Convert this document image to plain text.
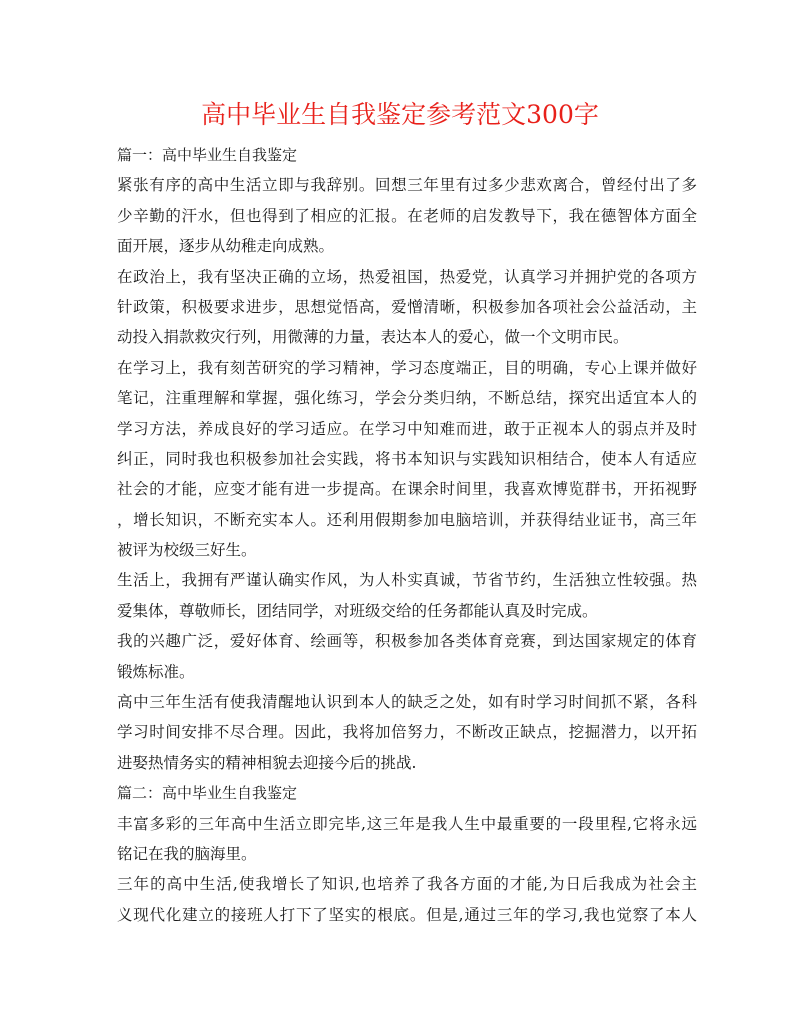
高中毕业生自我鉴定参考范文300字
篇一：高中毕业生自我鉴定
紧张有序的高中生活立即与我辞别。回想三年里有过多少悲欢离合，曾经付出了多
少辛勤的汗水，但也得到了相应的汇报。在老师的启发教导下，我在德智体方面全
面开展，逐步从幼稚走向成熟。
在政治上，我有坚决正确的立场，热爱祖国，热爱党，认真学习并拥护党的各项方
针政策，积极要求进步，思想觉悟高，爱憎清晰，积极参加各项社会公益活动，主
动投入捐款救灾行列，用微薄的力量，表达本人的爱心，做一个文明市民。
在学习上，我有刻苦研究的学习精神，学习态度端正，目的明确，专心上课并做好
笔记，注重理解和掌握，强化练习，学会分类归纳，不断总结，探究出适宜本人的
学习方法，养成良好的学习适应。在学习中知难而进，敢于正视本人的弱点并及时
纠正，同时我也积极参加社会实践，将书本知识与实践知识相结合，使本人有适应
社会的才能，应变才能有进一步提高。在课余时间里，我喜欢博览群书，开拓视野
，增长知识，不断充实本人。还利用假期参加电脑培训，并获得结业证书，高三年
被评为校级三好生。
生活上，我拥有严谨认确实作风，为人朴实真诚，节省节约，生活独立性较强。热
爱集体，尊敬师长，团结同学，对班级交给的任务都能认真及时完成。
我的兴趣广泛，爱好体育、绘画等，积极参加各类体育竞赛，到达国家规定的体育
锻炼标准。
高中三年生活有使我清醒地认识到本人的缺乏之处，如有时学习时间抓不紧，各科
学习时间安排不尽合理。因此，我将加倍努力，不断改正缺点，挖掘潜力，以开拓
进娶热情务实的精神相貌去迎接今后的挑战.
篇二：高中毕业生自我鉴定
丰富多彩的三年高中生活立即完毕,这三年是我人生中最重要的一段里程,它将永远
铭记在我的脑海里。
三年的高中生活,使我增长了知识,也培养了我各方面的才能,为日后我成为社会主
义现代化建立的接班人打下了坚实的根底。但是,通过三年的学习,我也觉察了本人
